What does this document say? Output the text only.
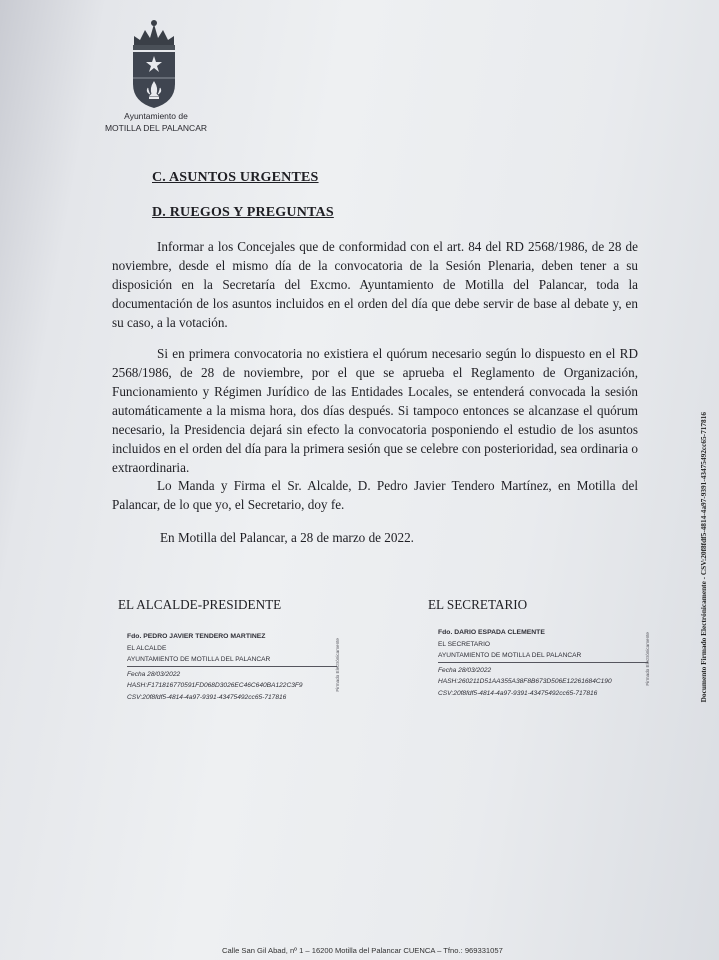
Ayuntamiento de
MOTILLA DEL PALANCAR
C. ASUNTOS URGENTES
D. RUEGOS Y PREGUNTAS

Informar a los Concejales que de conformidad con el art. 84 del RD 2568/1986, de 28 de noviembre, desde el mismo día de la convocatoria de la Sesión Plenaria, deben tener a su disposición en la Secretaría del Excmo. Ayuntamiento de Motilla del Palancar, toda la documentación de los asuntos incluidos en el orden del día que debe servir de base al debate y, en su caso, a la votación.

Si en primera convocatoria no existiera el quórum necesario según lo dispuesto en el RD 2568/1986, de 28 de noviembre, por el que se aprueba el Reglamento de Organización, Funcionamiento y Régimen Jurídico de las Entidades Locales, se entenderá convocada la sesión automáticamente a la misma hora, dos días después. Si tampoco entonces se alcanzase el quórum necesario, la Presidencia dejará sin efecto la convocatoria posponiendo el estudio de los asuntos incluidos en el orden del día para la primera sesión que se celebre con posterioridad, sea ordinaria o extraordinaria.

Lo Manda y Firma el Sr. Alcalde, D. Pedro Javier Tendero Martínez, en Motilla del Palancar, de lo que yo, el Secretario, doy fe.

En Motilla del Palancar, a 28 de marzo de 2022.
EL ALCALDE-PRESIDENTE	EL SECRETARIO
Fdo. PEDRO JAVIER TENDERO MARTINEZ
EL ALCALDE
AYUNTAMIENTO DE MOTILLA DEL PALANCAR
Fecha 28/03/2022
HASH:F171816770591FD068D3026EC46C640BA122C3F9
CSV:20f8fdf5-4814-4a97-9391-43475492cc65-717816
Firmado Electrónicamente
Fdo. DARIO ESPADA CLEMENTE
EL SECRETARIO
AYUNTAMIENTO DE MOTILLA DEL PALANCAR
Fecha 28/03/2022
HASH:260211D51AA355A38F8B673D506E12261684C190
CSV:20f8fdf5-4814-4a97-9391-43475492cc65-717816
Firmado Electrónicamente	Documento Firmado Electrónicamente - CSV:20f8fdf5-4814-4a97-9391-43475492cc65-717816
Calle San Gil Abad, nº 1 – 16200 Motilla del Palancar CUENCA – Tfno.: 969331057
